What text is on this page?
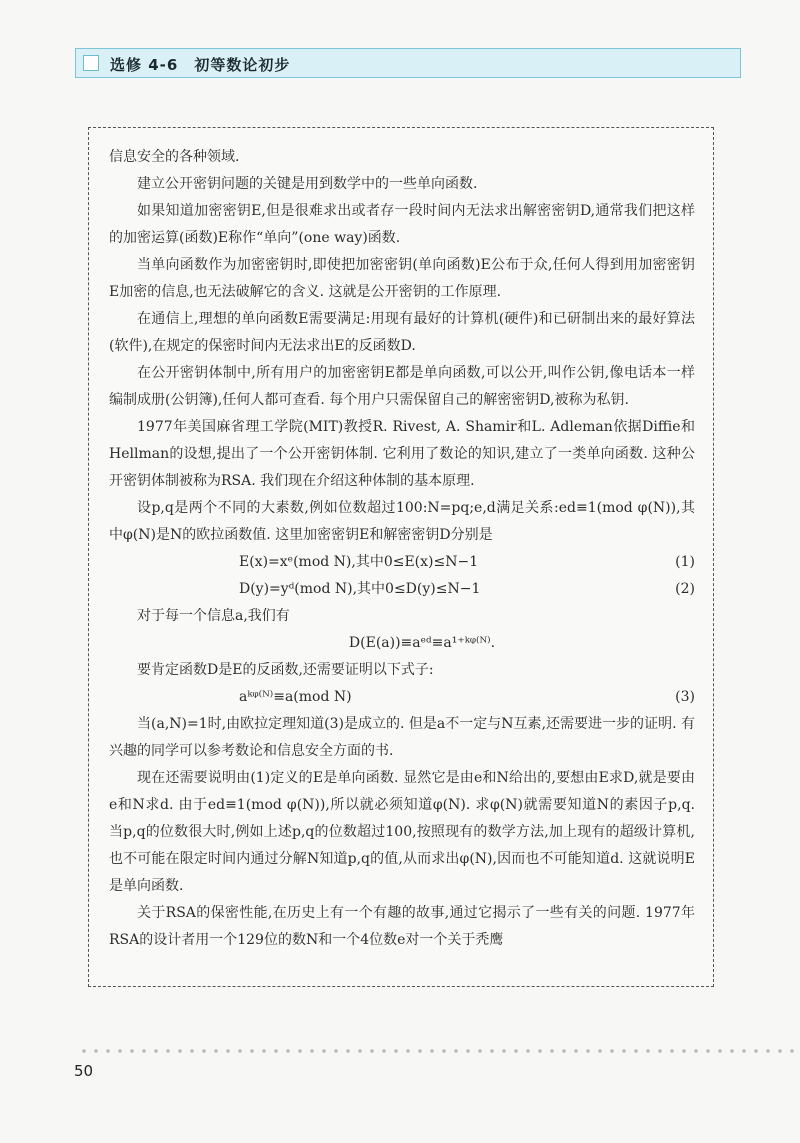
选修 4-6　初等数论初步

信息安全的各种领域.

建立公开密钥问题的关键是用到数学中的一些单向函数.

如果知道加密密钥E,但是很难求出或者存一段时间内无法求出解密密钥D,通常我们把这样的加密运算(函数)E称作“单向”(one way)函数.

当单向函数作为加密密钥时,即使把加密密钥(单向函数)E公布于众,任何人得到用加密密钥E加密的信息,也无法破解它的含义. 这就是公开密钥的工作原理.

在通信上,理想的单向函数E需要满足:用现有最好的计算机(硬件)和已研制出来的最好算法(软件),在规定的保密时间内无法求出E的反函数D.

在公开密钥体制中,所有用户的加密密钥E都是单向函数,可以公开,叫作公钥,像电话本一样编制成册(公钥簿),任何人都可查看. 每个用户只需保留自己的解密密钥D,被称为私钥.

1977年美国麻省理工学院(MIT)教授R. Rivest, A. Shamir和L. Adleman依据Diffie和Hellman的设想,提出了一个公开密钥体制. 它利用了数论的知识,建立了一类单向函数. 这种公开密钥体制被称为RSA. 我们现在介绍这种体制的基本原理.

设p,q是两个不同的大素数,例如位数超过100:N=pq;e,d满足关系:ed≡1(mod φ(N)),其中φ(N)是N的欧拉函数值. 这里加密密钥E和解密密钥D分别是

E(x)=xᵉ(mod N),其中0≤E(x)≤N−1	(1)
D(y)=yᵈ(mod N),其中0≤D(y)≤N−1	(2)

对于每一个信息a,我们有

D(E(a))≡aᵉᵈ≡a¹⁺ᵏᵠ⁽ᴺ⁾.

要肯定函数D是E的反函数,还需要证明以下式子:

aᵏᵠ⁽ᴺ⁾≡a(mod N)	(3)

当(a,N)=1时,由欧拉定理知道(3)是成立的. 但是a不一定与N互素,还需要进一步的证明. 有兴趣的同学可以参考数论和信息安全方面的书.

现在还需要说明由(1)定义的E是单向函数. 显然它是由e和N给出的,要想由E求D,就是要由e和N求d. 由于ed≡1(mod φ(N)),所以就必须知道φ(N). 求φ(N)就需要知道N的素因子p,q. 当p,q的位数很大时,例如上述p,q的位数超过100,按照现有的数学方法,加上现有的超级计算机,也不可能在限定时间内通过分解N知道p,q的值,从而求出φ(N),因而也不可能知道d. 这就说明E是单向函数.

关于RSA的保密性能,在历史上有一个有趣的故事,通过它揭示了一些有关的问题. 1977年RSA的设计者用一个129位的数N和一个4位数e对一个关于秃鹰

50
